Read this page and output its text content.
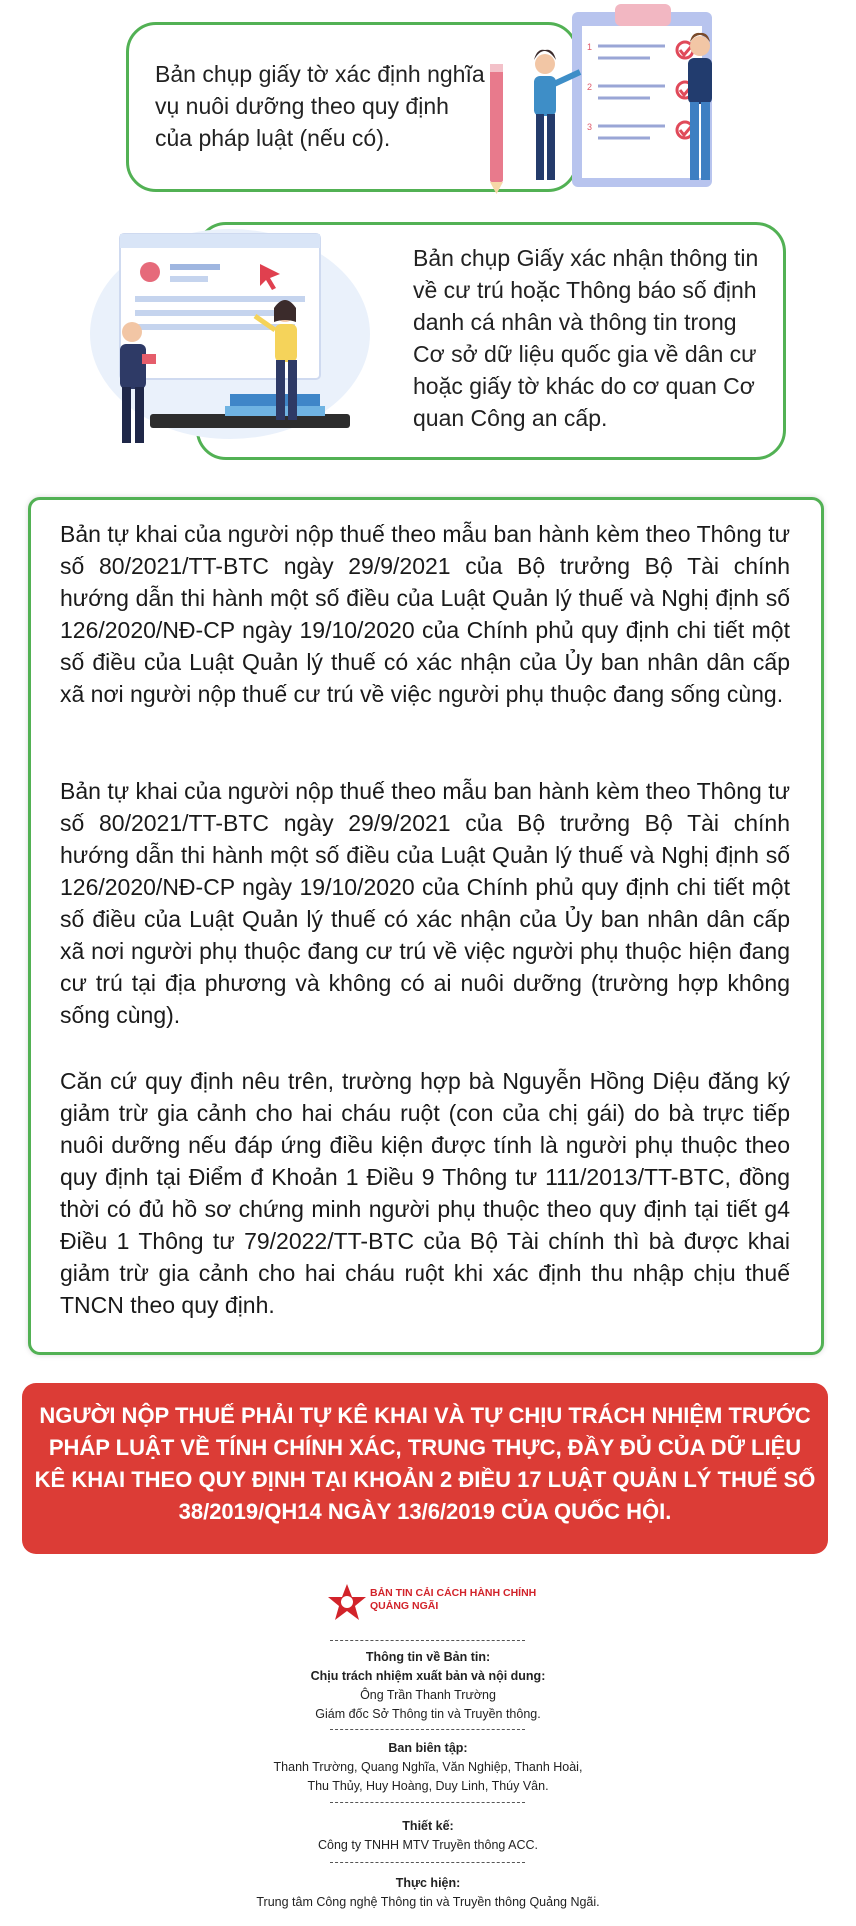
Bản chụp giấy tờ xác định nghĩa vụ nuôi dưỡng theo quy định của pháp luật (nếu có).
1
2
3
Bản chụp Giấy xác nhận thông tin về cư trú hoặc Thông báo số định danh cá nhân và thông tin trong Cơ sở dữ liệu quốc gia về dân cư hoặc giấy tờ khác do cơ quan Cơ quan Công an cấp.
Bản tự khai của người nộp thuế theo mẫu ban hành kèm theo Thông tư số 80/2021/TT-BTC ngày 29/9/2021 của Bộ trưởng Bộ Tài chính hướng dẫn thi hành một số điều của Luật Quản lý thuế và Nghị định số 126/2020/NĐ-CP ngày 19/10/2020 của Chính phủ quy định chi tiết một số điều của Luật Quản lý thuế có xác nhận của Ủy ban nhân dân cấp xã nơi người nộp thuế cư trú về việc người phụ thuộc đang sống cùng.
Bản tự khai của người nộp thuế theo mẫu ban hành kèm theo Thông tư số 80/2021/TT-BTC ngày 29/9/2021 của Bộ trưởng Bộ Tài chính hướng dẫn thi hành một số điều của Luật Quản lý thuế và Nghị định số 126/2020/NĐ-CP ngày 19/10/2020 của Chính phủ quy định chi tiết một số điều của Luật Quản lý thuế có xác nhận của Ủy ban nhân dân cấp xã nơi người phụ thuộc đang cư trú về việc người phụ thuộc hiện đang cư trú tại địa phương và không có ai nuôi dưỡng (trường hợp không sống cùng).
Căn cứ quy định nêu trên, trường hợp bà Nguyễn Hồng Diệu đăng ký giảm trừ gia cảnh cho hai cháu ruột (con của chị gái) do bà trực tiếp nuôi dưỡng nếu đáp ứng điều kiện được tính là người phụ thuộc theo quy định tại Điểm đ Khoản 1 Điều 9 Thông tư 111/2013/TT-BTC, đồng thời có đủ hồ sơ chứng minh người phụ thuộc theo quy định tại tiết g4 Điều 1 Thông tư 79/2022/TT-BTC của Bộ Tài chính thì bà được khai giảm trừ gia cảnh cho hai cháu ruột khi xác định thu nhập chịu thuế TNCN theo quy định.
NGƯỜI NỘP THUẾ PHẢI TỰ KÊ KHAI VÀ TỰ CHỊU TRÁCH NHIỆM TRƯỚC PHÁP LUẬT VỀ TÍNH CHÍNH XÁC, TRUNG THỰC, ĐẦY ĐỦ CỦA DỮ LIỆU KÊ KHAI THEO QUY ĐỊNH TẠI KHOẢN 2 ĐIỀU 17 LUẬT QUẢN LÝ THUẾ SỐ 38/2019/QH14 NGÀY 13/6/2019 CỦA QUỐC HỘI.
BẢN TIN CẢI CÁCH HÀNH CHÍNH
QUẢNG NGÃI
Thông tin về Bản tin:
Chịu trách nhiệm xuất bản và nội dung:
Ông Trần Thanh Trường
Giám đốc Sở Thông tin và Truyền thông.
Ban biên tập:
Thanh Trường, Quang Nghĩa, Văn Nghiệp, Thanh Hoài,
Thu Thủy, Huy Hoàng, Duy Linh, Thúy Vân.
Thiết kế:
Công ty TNHH MTV Truyền thông ACC.
Thực hiện:
Trung tâm Công nghệ Thông tin và Truyền thông Quảng Ngãi.
